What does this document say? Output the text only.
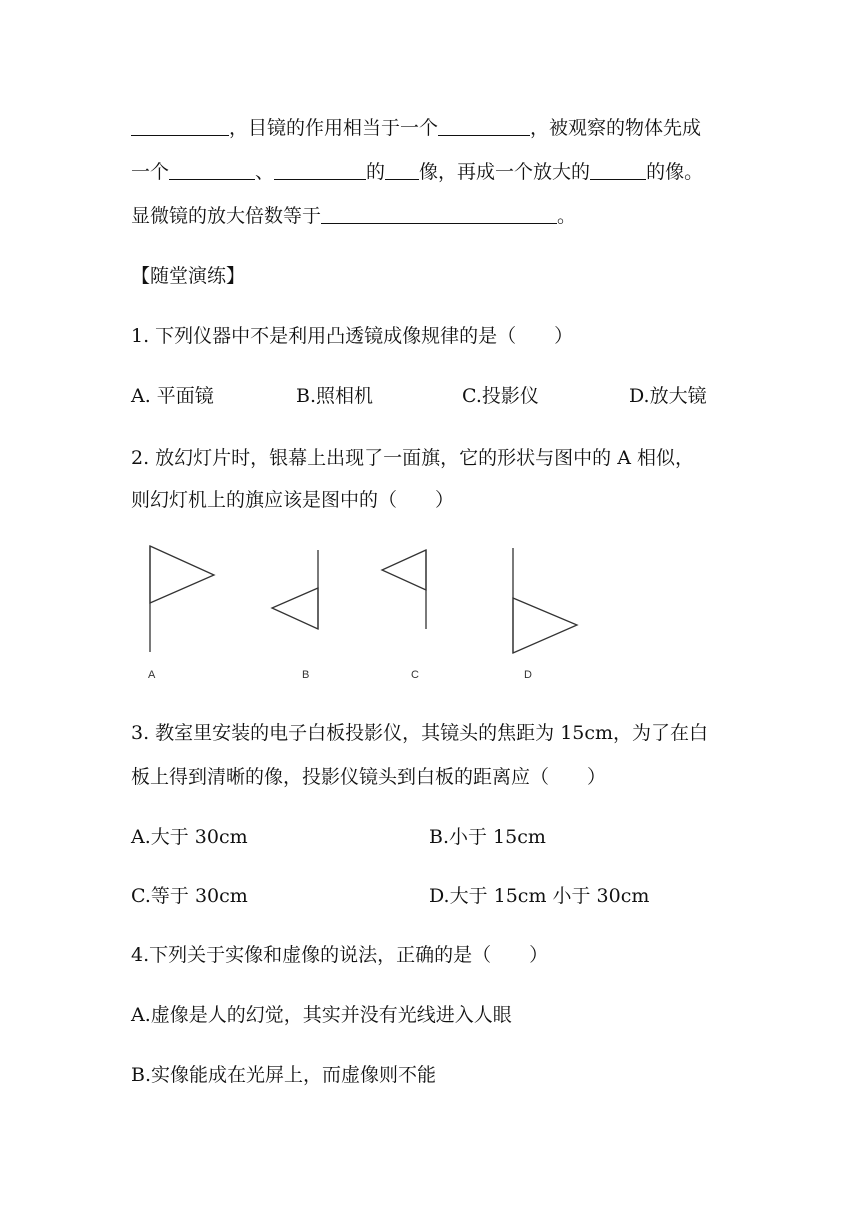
，目镜的作用相当于一个	，被观察的物体先成
一个	、	的 像，再成一个放大的	的像。
显微镜的放大倍数等于	。
【随堂演练】
1. 下列仪器中不是利用凸透镜成像规律的是（　　）
A. 平面镜	B.照相机	C.投影仪	D.放大镜
2. 放幻灯片时，银幕上出现了一面旗，它的形状与图中的 A 相似，
则幻灯机上的旗应该是图中的（　　）
A	B	C	D
3. 教室里安装的电子白板投影仪，其镜头的焦距为 15cm，为了在白
板上得到清晰的像，投影仪镜头到白板的距离应（　　）
A.大于 30cm	B.小于 15cm
C.等于 30cm	D.大于 15cm 小于 30cm
4.下列关于实像和虚像的说法，正确的是（　　）
A.虚像是人的幻觉，其实并没有光线进入人眼
B.实像能成在光屏上，而虚像则不能
